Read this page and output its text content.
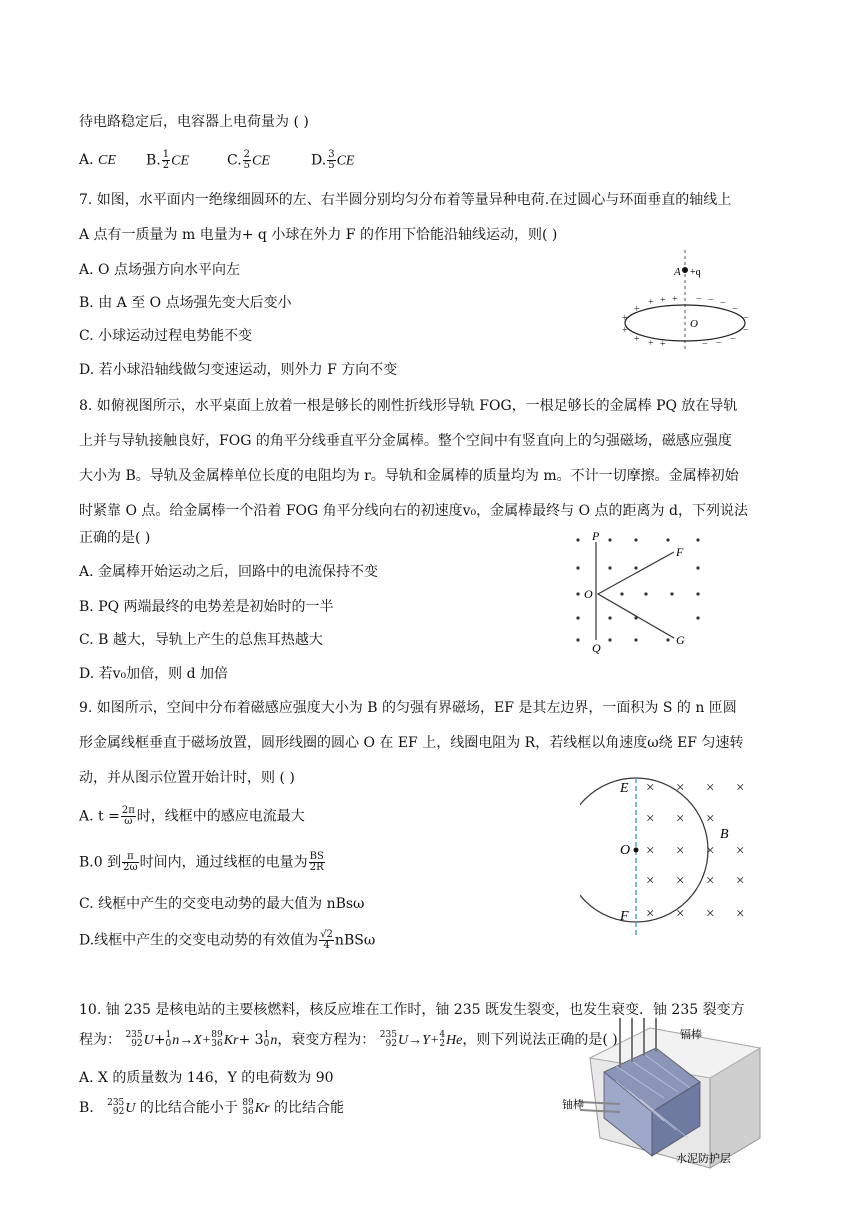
待电路稳定后，电容器上电荷量为 ( )
A. CE B. $\frac{1}{2}$ CE	C. $\frac{2}{5}$ CE	D. $\frac{3}{5}$ CE
7. 如图，水平面内一绝缘细圆环的左、右半圆分别均匀分布着等量异种电荷.在过圆心与环面垂直的轴线上
A 点有一质量为 m 电量为+ q 小球在外力 F 的作用下恰能沿轴线运动，则( )
A. O 点场强方向水平向左
B. 由 A 至 O 点场强先变大后变小
C. 小球运动过程电势能不变
D. 若小球沿轴线做匀变速运动，则外力 F 方向不变
A +q
O
+ + +
+
+
+
+ + +
− − −
−
−
−
−
−
−
8. 如俯视图所示，水平桌面上放着一根是够长的刚性折线形导轨 FOG，一根足够长的金属棒 PQ 放在导轨
上并与导轨接触良好，FOG 的角平分线垂直平分金属棒。整个空间中有竖直向上的匀强磁场，磁感应强度
大小为 B。导轨及金属棒单位长度的电阻均为 r。导轨和金属棒的质量均为 m。不计一切摩擦。金属棒初始
时紧靠 O 点。给金属棒一个沿着 FOG 角平分线向右的初速度v₀，金属棒最终与 O 点的距离为 d，下列说法
正确的是( )
A. 金属棒开始运动之后，回路中的电流保持不变
B. PQ 两端最终的电势差是初始时的一半
C. B 越大，导轨上产生的总焦耳热越大
D. 若v₀加倍，则 d 加倍
P
Q
O
F
G
9. 如图所示，空间中分布着磁感应强度大小为 B 的匀强有界磁场，EF 是其左边界，一面积为 S 的 n 匝圆
形金属线框垂直于磁场放置，圆形线圈的圆心 O 在 EF 上，线圈电阻为 R，若线框以角速度ω绕 EF 匀速转
动，并从图示位置开始计时，则 ( )
A. $t = \frac{2\pi}{\omega}$ 时，线框中的感应电流最大
B.0 到 $\frac{\pi}{2\omega}$ 时间内，通过线框的电量为 $\frac{BS}{2R}$
C. 线框中产生的交变电动势的最大值为 nBsω
D.线框中产生的交变电动势的有效值为 $\frac{√2}{4}$ nBSω
O
E
F
B
× × × ×
× × ×
× × × ×
× × × ×
× × × ×
10. 铀 235 是核电站的主要核燃料，核反应堆在工作时，铀 235 既发生裂变，也发生衰变．铀 235 裂变方
程为： 235
92 U+ 1
0 n→X+ 89
36 Kr+ 3 1
0 n，衰变方程为： 235
92 U→Y+ 4
2 He，则下列说法正确的是( )
A. X 的质量数为 146，Y 的电荷数为 90
B. 235
92 U 的比结合能小于 89
36 Kr 的比结合能
镉棒
铀棒
水泥防护层
